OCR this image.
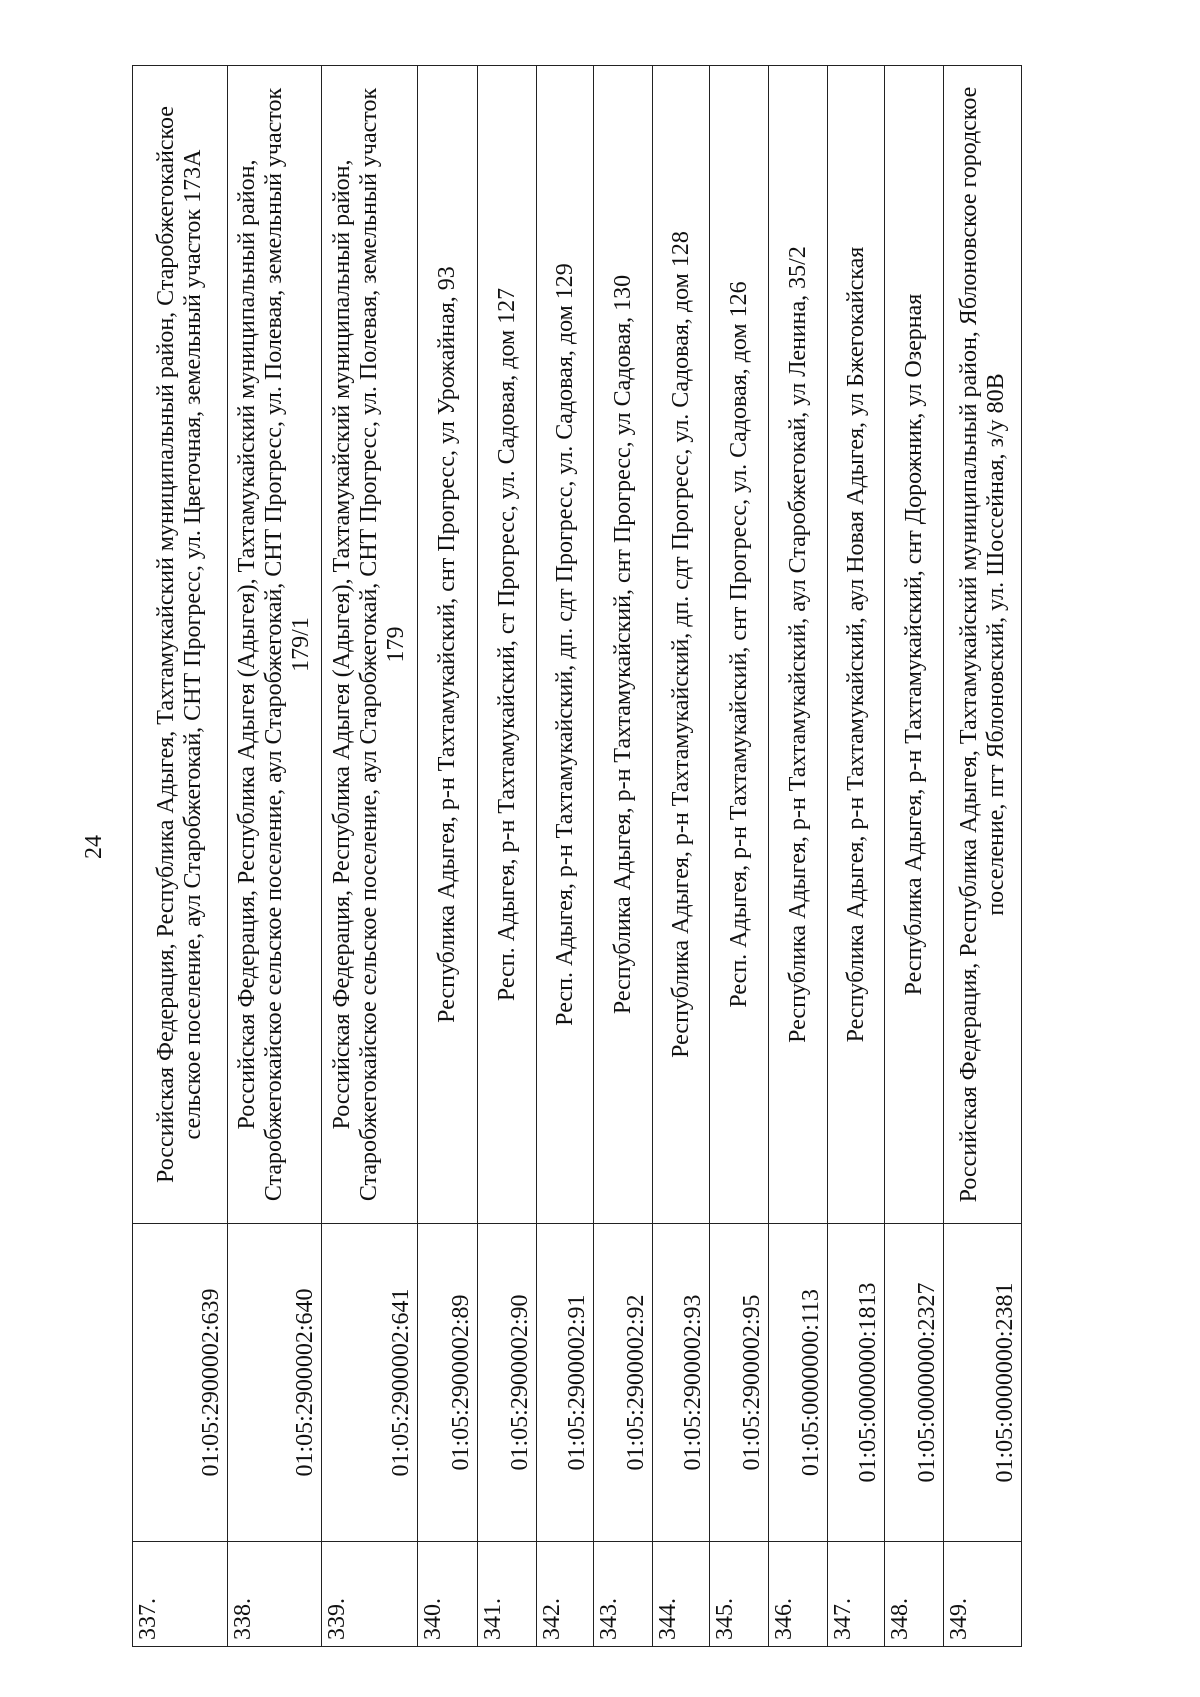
24
337.	01:05:2900002:639	Российская Федерация, Республика Адыгея, Тахтамукайский муниципальный район, Старобжегокайское сельское поселение, аул Старобжегокай, СНТ Прогресс, ул. Цветочная, земельный участок 173А
338.	01:05:2900002:640	Российская Федерация, Республика Адыгея (Адыгея), Тахтамукайский муниципальный район, Старобжегокайское сельское поселение, аул Старобжегокай, СНТ Прогресс, ул. Полевая, земельный участок 179/1
339.	01:05:2900002:641	Российская Федерация, Республика Адыгея (Адыгея), Тахтамукайский муниципальный район, Старобжегокайское сельское поселение, аул Старобжегокай, СНТ Прогресс, ул. Полевая, земельный участок 179
340.	01:05:2900002:89	Республика Адыгея, р-н Тахтамукайский, снт Прогресс, ул Урожайная, 93
341.	01:05:2900002:90	Респ. Адыгея, р-н Тахтамукайский, ст Прогресс, ул. Садовая, дом 127
342.	01:05:2900002:91	Респ. Адыгея, р-н Тахтамукайский, дп. сдт Прогресс, ул. Садовая, дом 129
343.	01:05:2900002:92	Республика Адыгея, р-н Тахтамукайский, снт Прогресс, ул Садовая, 130
344.	01:05:2900002:93	Республика Адыгея, р-н Тахтамукайский, дп. сдт Прогресс, ул. Садовая, дом 128
345.	01:05:2900002:95	Респ. Адыгея, р-н Тахтамукайский, снт Прогресс, ул. Садовая, дом 126
346.	01:05:0000000:113	Республика Адыгея, р-н Тахтамукайский, аул Старобжегокай, ул Ленина, 35/2
347.	01:05:0000000:1813	Республика Адыгея, р-н Тахтамукайский, аул Новая Адыгея, ул Бжегокайская
348.	01:05:0000000:2327	Республика Адыгея, р-н Тахтамукайский, снт Дорожник, ул Озерная
349.	01:05:0000000:2381	Российская Федерация, Республика Адыгея, Тахтамукайский муниципальный район, Яблоновское городское поселение, пгт Яблоновский, ул. Шоссейная, з/у 80В
